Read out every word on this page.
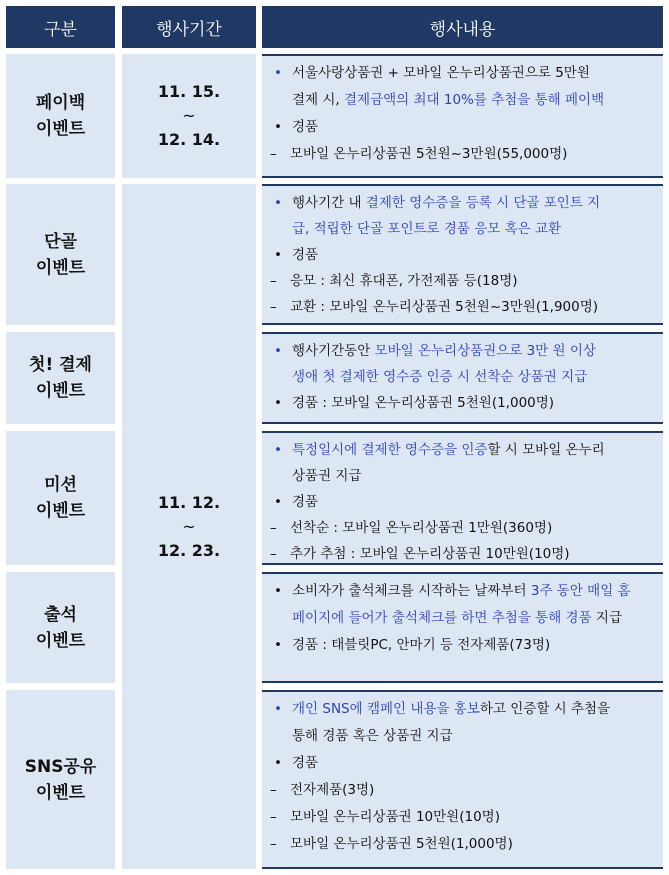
구분	행사기간	행사내용
11. 15.
~
12. 14.
11. 12.
~
12. 23.
페이백
이벤트
단골
이벤트
첫! 결제
이벤트
미션
이벤트
출석
이벤트
SNS공유
이벤트
• 서울사랑상품권 + 모바일 온누리상품권으로 5만원
결제 시, 결제금액의 최대 10%를 추첨을 통해 페이백
• 경품
– 모바일 온누리상품권 5천원~3만원(55,000명)
• 행사기간 내 결제한 영수증을 등록 시 단골 포인트 지
급, 적립한 단골 포인트로 경품 응모 혹은 교환
• 경품
– 응모 : 최신 휴대폰, 가전제품 등(18명)
– 교환 : 모바일 온누리상품권 5천원~3만원(1,900명)
• 행사기간동안 모바일 온누리상품권으로 3만 원 이상
생애 첫 결제한 영수증 인증 시 선착순 상품권 지급
• 경품 : 모바일 온누리상품권 5천원(1,000명)
• 특정일시에 결제한 영수증을 인증할 시 모바일 온누리
상품권 지급
• 경품
– 선착순 : 모바일 온누리상품권 1만원(360명)
– 추가 추첨 : 모바일 온누리상품권 10만원(10명)
• 소비자가 출석체크를 시작하는 날짜부터 3주 동안 매일 홈
페이지에 들어가 출석체크를 하면 추첨을 통해 경품 지급
• 경품 : 태블릿PC, 안마기 등 전자제품(73명)
• 개인 SNS에 캠페인 내용을 홍보하고 인증할 시 추첨을
통해 경품 혹은 상품권 지급
• 경품
– 전자제품(3명)
– 모바일 온누리상품권 10만원(10명)
– 모바일 온누리상품권 5천원(1,000명)
